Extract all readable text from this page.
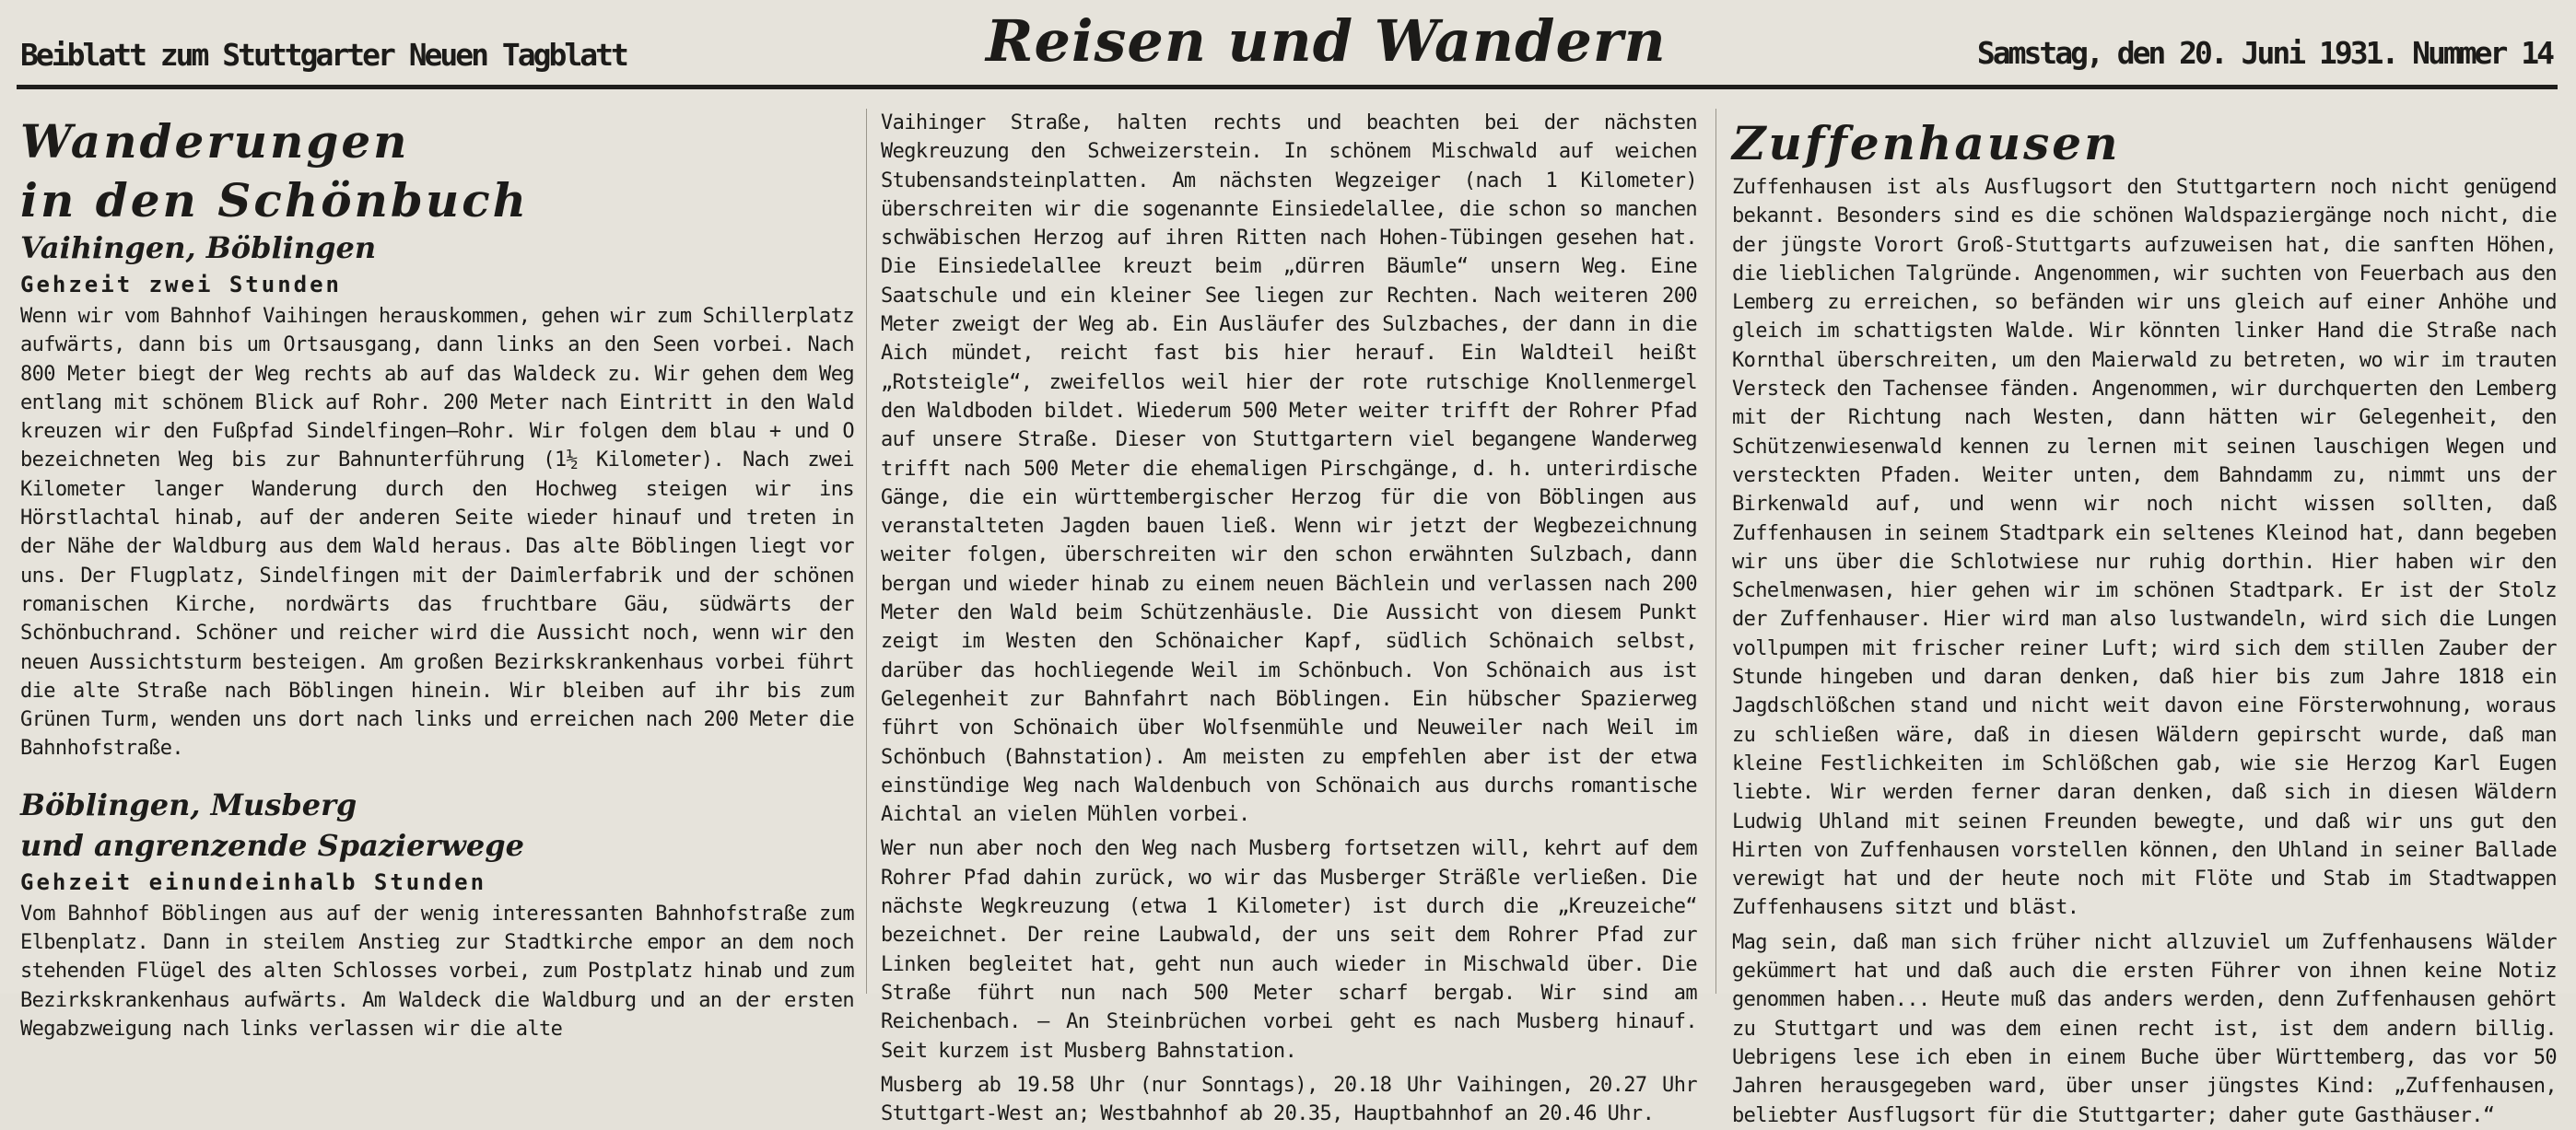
Beiblatt zum Stuttgarter Neuen Tagblatt	Reisen und Wandern	Samstag, den 20. Juni 1931. Nummer 14
Wanderungen
in den Schönbuch
Vaihingen, Böblingen
Gehzeit zwei Stunden

Wenn wir vom Bahnhof Vaihingen herauskommen, gehen wir zum Schillerplatz aufwärts, dann bis um Ortsausgang, dann links an den Seen vorbei. Nach 800 Meter biegt der Weg rechts ab auf das Waldeck zu. Wir gehen dem Weg entlang mit schönem Blick auf Rohr. 200 Meter nach Eintritt in den Wald kreuzen wir den Fußpfad Sindelfingen—Rohr. Wir folgen dem blau + und O bezeichneten Weg bis zur Bahnunterführung (1½ Kilometer). Nach zwei Kilometer langer Wanderung durch den Hochweg steigen wir ins Hörstlachtal hinab, auf der anderen Seite wieder hinauf und treten in der Nähe der Waldburg aus dem Wald heraus. Das alte Böblingen liegt vor uns. Der Flugplatz, Sindelfingen mit der Daimlerfabrik und der schönen romanischen Kirche, nordwärts das fruchtbare Gäu, südwärts der Schönbuchrand. Schöner und reicher wird die Aussicht noch, wenn wir den neuen Aussichtsturm besteigen. Am großen Bezirkskrankenhaus vorbei führt die alte Straße nach Böblingen hinein. Wir bleiben auf ihr bis zum Grünen Turm, wenden uns dort nach links und erreichen nach 200 Meter die Bahnhofstraße.

Böblingen, Musberg
und angrenzende Spazierwege
Gehzeit einundeinhalb Stunden

Vom Bahnhof Böblingen aus auf der wenig interessanten Bahnhofstraße zum Elbenplatz. Dann in steilem Anstieg zur Stadtkirche empor an dem noch stehenden Flügel des alten Schlosses vorbei, zum Postplatz hinab und zum Bezirkskrankenhaus aufwärts. Am Waldeck die Waldburg und an der ersten Wegabzweigung nach links verlassen wir die alte

Vaihinger Straße, halten rechts und beachten bei der nächsten Wegkreuzung den Schweizerstein. In schönem Mischwald auf weichen Stubensandsteinplatten. Am nächsten Wegzeiger (nach 1 Kilometer) überschreiten wir die sogenannte Einsiedelallee, die schon so manchen schwäbischen Herzog auf ihren Ritten nach Hohen-Tübingen gesehen hat. Die Einsiedelallee kreuzt beim „dürren Bäumle“ unsern Weg. Eine Saatschule und ein kleiner See liegen zur Rechten. Nach weiteren 200 Meter zweigt der Weg ab. Ein Ausläufer des Sulzbaches, der dann in die Aich mündet, reicht fast bis hier herauf. Ein Waldteil heißt „Rotsteigle“, zweifellos weil hier der rote rutschige Knollenmergel den Waldboden bildet. Wiederum 500 Meter weiter trifft der Rohrer Pfad auf unsere Straße. Dieser von Stuttgartern viel begangene Wanderweg trifft nach 500 Meter die ehemaligen Pirschgänge, d. h. unterirdische Gänge, die ein württembergischer Herzog für die von Böblingen aus veranstalteten Jagden bauen ließ. Wenn wir jetzt der Wegbezeichnung weiter folgen, überschreiten wir den schon erwähnten Sulzbach, dann bergan und wieder hinab zu einem neuen Bächlein und verlassen nach 200 Meter den Wald beim Schützenhäusle. Die Aussicht von diesem Punkt zeigt im Westen den Schönaicher Kapf, südlich Schönaich selbst, darüber das hochliegende Weil im Schönbuch. Von Schönaich aus ist Gelegenheit zur Bahnfahrt nach Böblingen. Ein hübscher Spazierweg führt von Schönaich über Wolfsenmühle und Neuweiler nach Weil im Schönbuch (Bahnstation). Am meisten zu empfehlen aber ist der etwa einstündige Weg nach Waldenbuch von Schönaich aus durchs romantische Aichtal an vielen Mühlen vorbei.

Wer nun aber noch den Weg nach Musberg fortsetzen will, kehrt auf dem Rohrer Pfad dahin zurück, wo wir das Musberger Sträßle verließen. Die nächste Wegkreuzung (etwa 1 Kilometer) ist durch die „Kreuzeiche“ bezeichnet. Der reine Laubwald, der uns seit dem Rohrer Pfad zur Linken begleitet hat, geht nun auch wieder in Mischwald über. Die Straße führt nun nach 500 Meter scharf bergab. Wir sind am Reichenbach. — An Steinbrüchen vorbei geht es nach Musberg hinauf. Seit kurzem ist Musberg Bahnstation.

Musberg ab 19.58 Uhr (nur Sonntags), 20.18 Uhr Vaihingen, 20.27 Uhr Stuttgart-West an; Westbahnhof ab 20.35, Hauptbahnhof an 20.46 Uhr.

Zuffenhausen

Zuffenhausen ist als Ausflugsort den Stuttgartern noch nicht genügend bekannt. Besonders sind es die schönen Waldspaziergänge noch nicht, die der jüngste Vorort Groß-Stuttgarts aufzuweisen hat, die sanften Höhen, die lieblichen Talgründe. Angenommen, wir suchten von Feuerbach aus den Lemberg zu erreichen, so befänden wir uns gleich auf einer Anhöhe und gleich im schattigsten Walde. Wir könnten linker Hand die Straße nach Kornthal überschreiten, um den Maierwald zu betreten, wo wir im trauten Versteck den Tachensee fänden. Angenommen, wir durchquerten den Lemberg mit der Richtung nach Westen, dann hätten wir Gelegenheit, den Schützenwiesenwald kennen zu lernen mit seinen lauschigen Wegen und versteckten Pfaden. Weiter unten, dem Bahndamm zu, nimmt uns der Birkenwald auf, und wenn wir noch nicht wissen sollten, daß Zuffenhausen in seinem Stadtpark ein seltenes Kleinod hat, dann begeben wir uns über die Schlotwiese nur ruhig dorthin. Hier haben wir den Schelmenwasen, hier gehen wir im schönen Stadtpark. Er ist der Stolz der Zuffenhauser. Hier wird man also lustwandeln, wird sich die Lungen vollpumpen mit frischer reiner Luft; wird sich dem stillen Zauber der Stunde hingeben und daran denken, daß hier bis zum Jahre 1818 ein Jagdschlößchen stand und nicht weit davon eine Försterwohnung, woraus zu schließen wäre, daß in diesen Wäldern gepirscht wurde, daß man kleine Festlichkeiten im Schlößchen gab, wie sie Herzog Karl Eugen liebte. Wir werden ferner daran denken, daß sich in diesen Wäldern Ludwig Uhland mit seinen Freunden bewegte, und daß wir uns gut den Hirten von Zuffenhausen vorstellen können, den Uhland in seiner Ballade verewigt hat und der heute noch mit Flöte und Stab im Stadtwappen Zuffenhausens sitzt und bläst.

Mag sein, daß man sich früher nicht allzuviel um Zuffenhausens Wälder gekümmert hat und daß auch die ersten Führer von ihnen keine Notiz genommen haben... Heute muß das anders werden, denn Zuffenhausen gehört zu Stuttgart und was dem einen recht ist, ist dem andern billig. Uebrigens lese ich eben in einem Buche über Württemberg, das vor 50 Jahren herausgegeben ward, über unser jüngstes Kind: „Zuffenhausen, beliebter Ausflugsort für die Stuttgarter; daher gute Gasthäuser.“
